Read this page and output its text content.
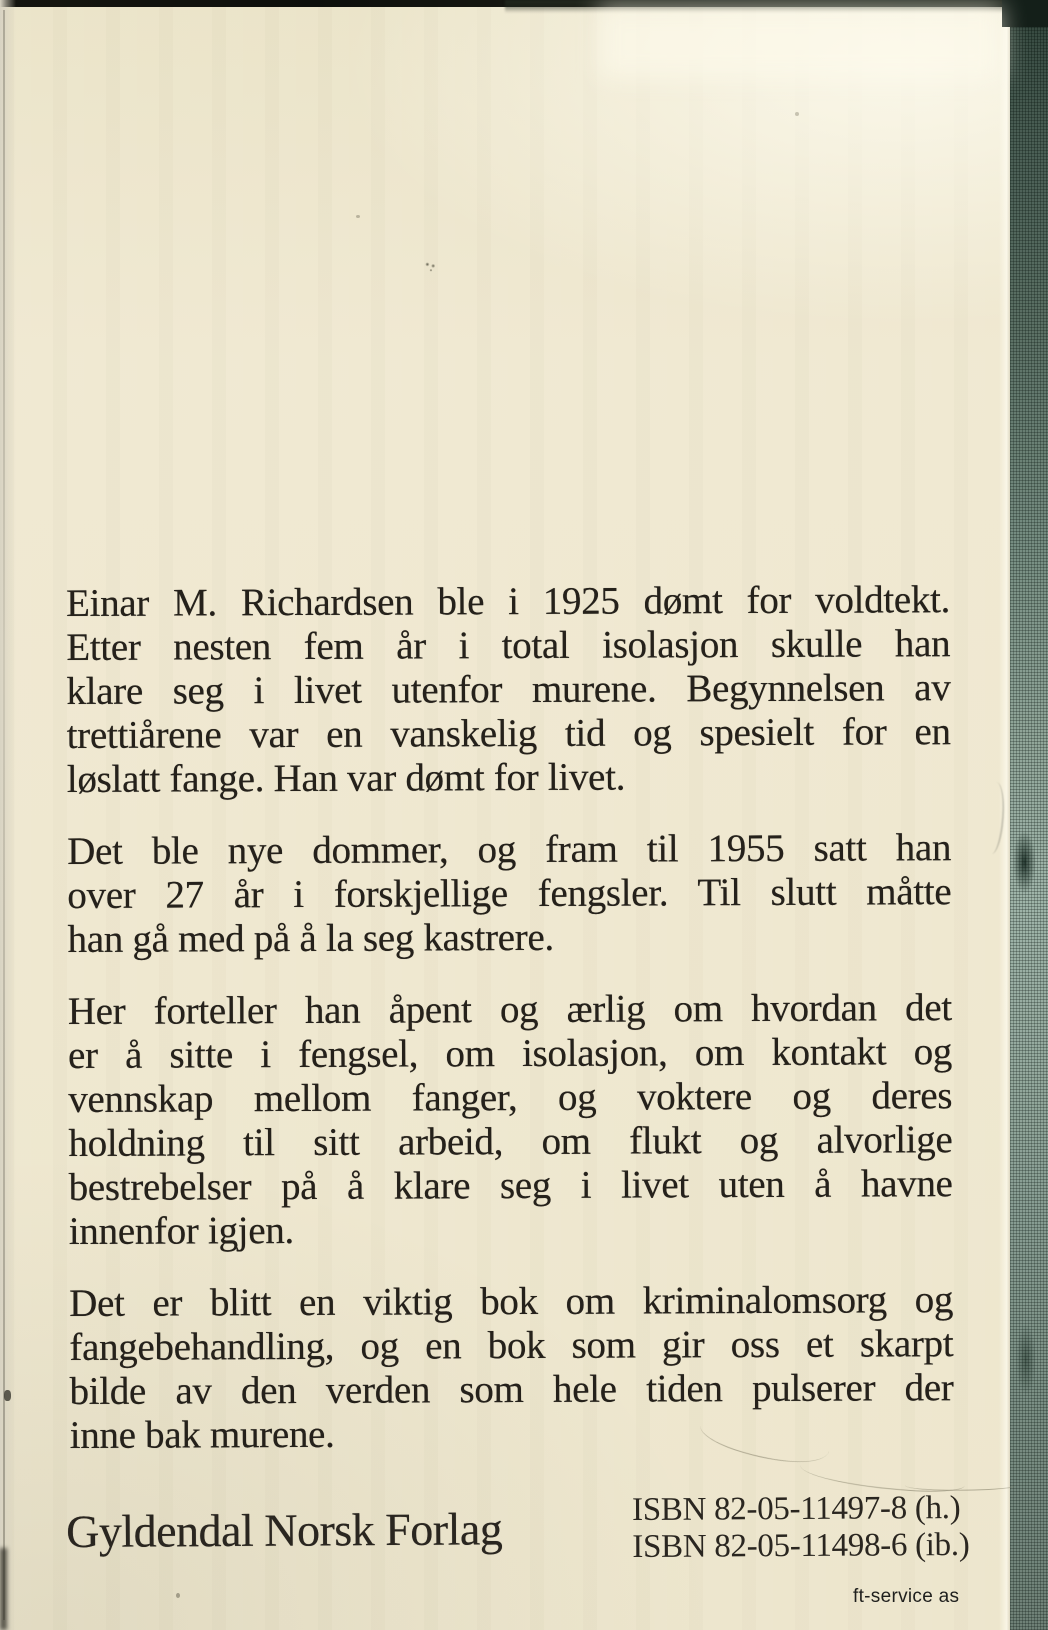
Einar M. Richardsen ble i 1925 dømt for voldtekt.
Etter nesten fem år i total isolasjon skulle han
klare seg i livet utenfor murene. Begynnelsen av
trettiårene var en vanskelig tid og spesielt for en
løslatt fange. Han var dømt for livet.
Det ble nye dommer, og fram til 1955 satt han
over 27 år i forskjellige fengsler. Til slutt måtte
han gå med på å la seg kastrere.
Her forteller han åpent og ærlig om hvordan det
er å sitte i fengsel, om isolasjon, om kontakt og
vennskap mellom fanger, og voktere og deres
holdning til sitt arbeid, om flukt og alvorlige
bestrebelser på å klare seg i livet uten å havne
innenfor igjen.
Det er blitt en viktig bok om kriminalomsorg og
fangebehandling, og en bok som gir oss et skarpt
bilde av den verden som hele tiden pulserer der
inne bak murene.
Gyldendal Norsk Forlag	ISBN 82-05-11497-8 (h.)
ISBN 82-05-11498-6 (ib.)
ft-service as
